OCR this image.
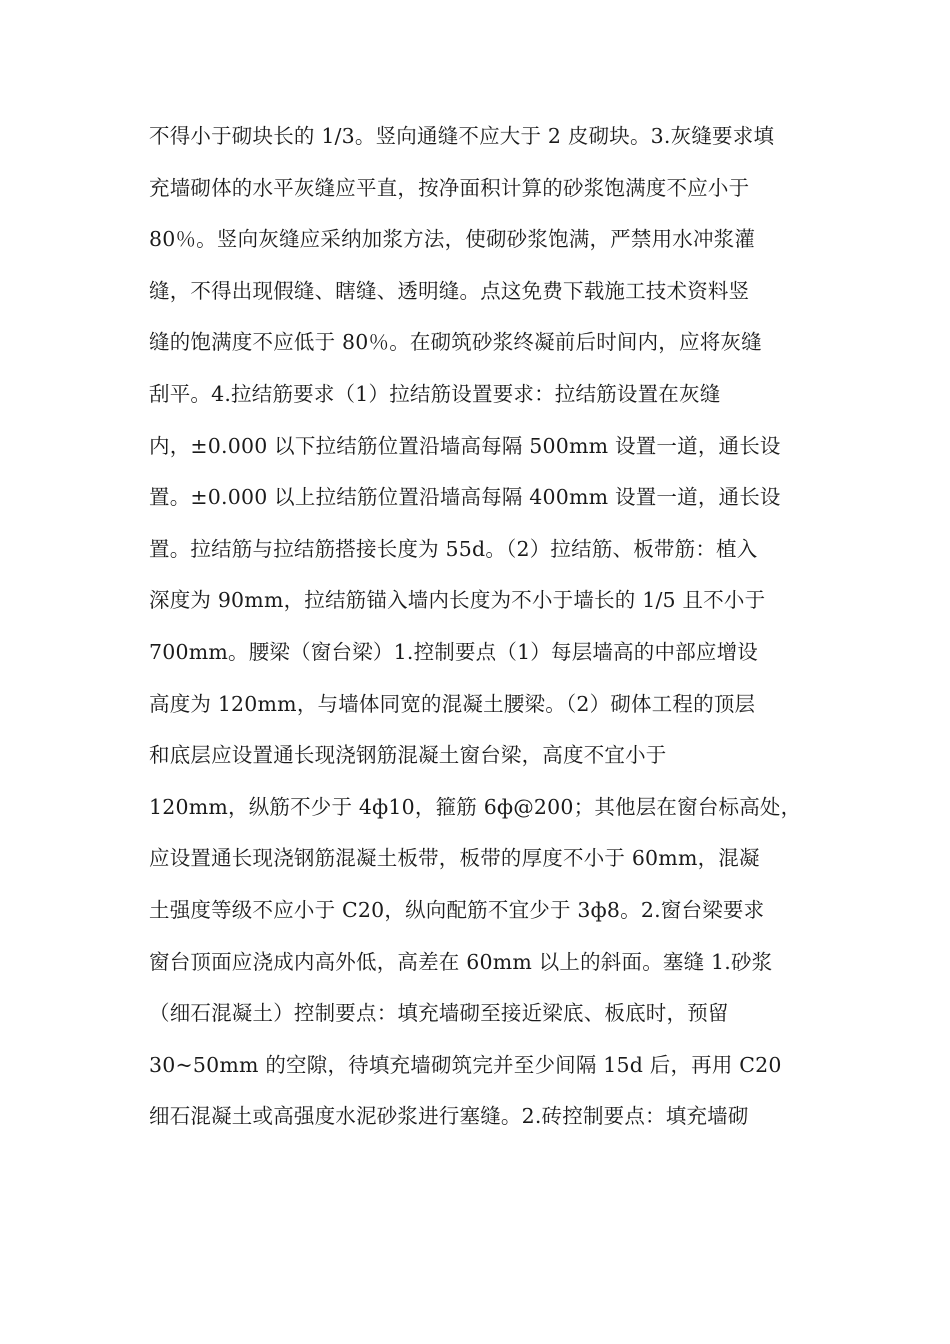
不得小于砌块长的 1/3。竖向通缝不应大于 2 皮砌块。3.灰缝要求填
充墙砌体的水平灰缝应平直，按净面积计算的砂浆饱满度不应小于
80％。竖向灰缝应采纳加浆方法，使砌砂浆饱满，严禁用水冲浆灌
缝，不得出现假缝、瞎缝、透明缝。点这免费下载施工技术资料竖
缝的饱满度不应低于 80％。在砌筑砂浆终凝前后时间内，应将灰缝
刮平。4.拉结筋要求（1）拉结筋设置要求：拉结筋设置在灰缝
内，±0.000 以下拉结筋位置沿墙高每隔 500mm 设置一道，通长设
置。±0.000 以上拉结筋位置沿墙高每隔 400mm 设置一道，通长设
置。拉结筋与拉结筋搭接长度为 55d。（2）拉结筋、板带筋：植入
深度为 90mm，拉结筋锚入墙内长度为不小于墙长的 1/5 且不小于
700mm。腰梁（窗台梁）1.控制要点（1）每层墙高的中部应增设
高度为 120mm，与墙体同宽的混凝土腰梁。（2）砌体工程的顶层
和底层应设置通长现浇钢筋混凝土窗台梁，高度不宜小于
120mm，纵筋不少于 4ф10，箍筋 6ф@200；其他层在窗台标高处，
应设置通长现浇钢筋混凝土板带，板带的厚度不小于 60mm，混凝
土强度等级不应小于 C20，纵向配筋不宜少于 3ф8。2.窗台梁要求
窗台顶面应浇成内高外低，高差在 60mm 以上的斜面。塞缝 1.砂浆
（细石混凝土）控制要点：填充墙砌至接近梁底、板底时，预留
30~50mm 的空隙，待填充墙砌筑完并至少间隔 15d 后，再用 C20
细石混凝土或高强度水泥砂浆进行塞缝。2.砖控制要点：填充墙砌
